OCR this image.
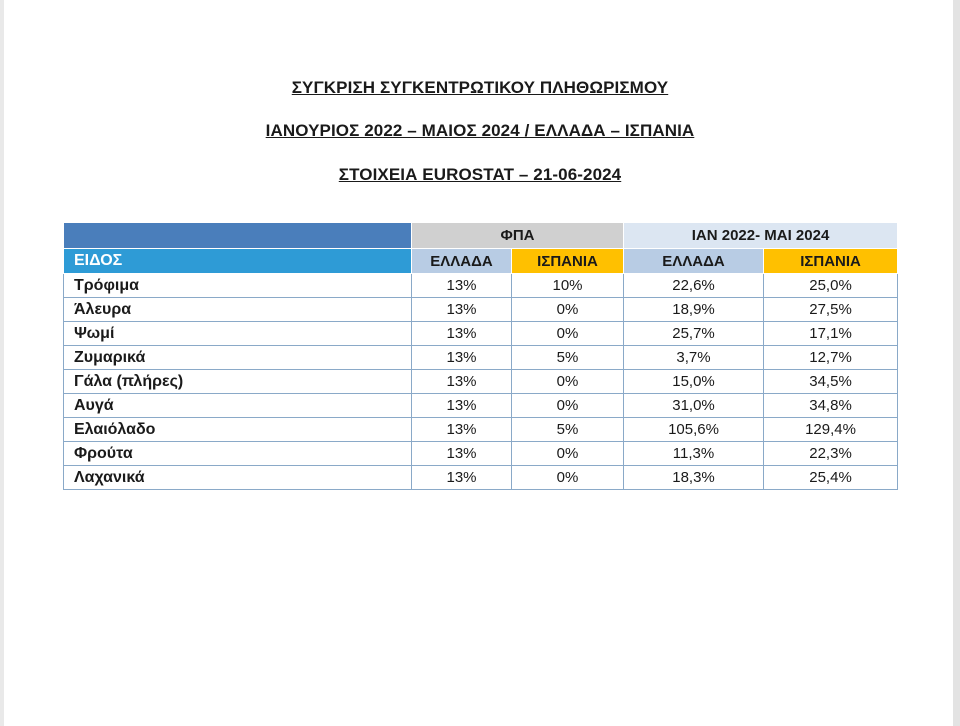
ΣΥΓΚΡΙΣΗ ΣΥΓΚΕΝΤΡΩΤΙΚΟΥ ΠΛΗΘΩΡΙΣΜΟΥ
ΙΑΝΟΥΡΙΟΣ 2022 – ΜΑΙΟΣ 2024 / ΕΛΛΑΔΑ – ΙΣΠΑΝΙΑ
ΣΤΟΙΧΕΙΑ EUROSTAT – 21-06-2024
	ΦΠΑ		ΙΑΝ 2022- ΜΑΙ 2024	
ΕΙΔΟΣ	ΕΛΛΑΔΑ	ΙΣΠΑΝΙΑ	ΕΛΛΑΔΑ	ΙΣΠΑΝΙΑ
Τρόφιμα	13%	10%	22,6%	25,0%
Άλευρα	13%	0%	18,9%	27,5%
Ψωμί	13%	0%	25,7%	17,1%
Ζυμαρικά	13%	5%	3,7%	12,7%
Γάλα (πλήρες)	13%	0%	15,0%	34,5%
Αυγά	13%	0%	31,0%	34,8%
Ελαιόλαδο	13%	5%	105,6%	129,4%
Φρούτα	13%	0%	11,3%	22,3%
Λαχανικά	13%	0%	18,3%	25,4%
